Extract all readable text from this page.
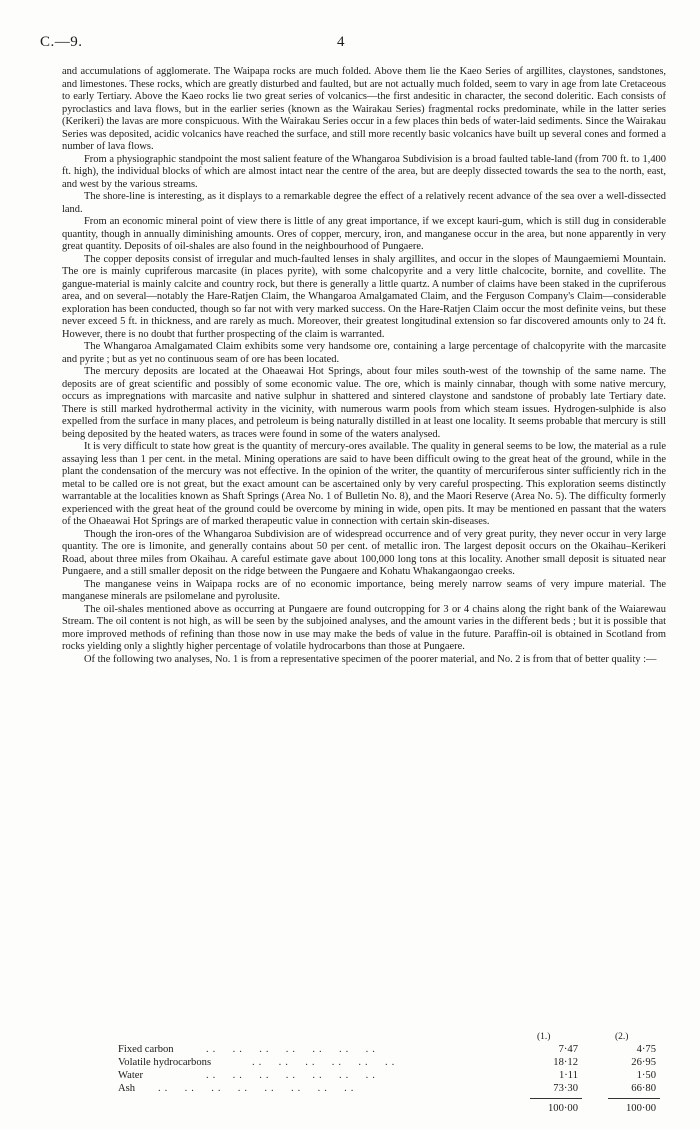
C.—9.	4

and accumulations of agglomerate. The Waipapa rocks are much folded. Above them lie the Kaeo Series of argillites, claystones, sandstones, and limestones. These rocks, which are greatly disturbed and faulted, but are not actually much folded, seem to vary in age from late Cretaceous to early Tertiary. Above the Kaeo rocks lie two great series of volcanics—the first andesitic in character, the second doleritic. Each consists of pyroclastics and lava flows, but in the earlier series (known as the Wairakau Series) fragmental rocks predominate, while in the latter series (Kerikeri) the lavas are more conspicuous. With the Wairakau Series occur in a few places thin beds of water-laid sediments. Since the Wairakau Series was deposited, acidic volcanics have reached the surface, and still more recently basic volcanics have built up several cones and formed a number of lava flows.

From a physiographic standpoint the most salient feature of the Whangaroa Subdivision is a broad faulted table-land (from 700 ft. to 1,400 ft. high), the individual blocks of which are almost intact near the centre of the area, but are deeply dissected towards the sea to the north, east, and west by the various streams.

The shore-line is interesting, as it displays to a remarkable degree the effect of a relatively recent advance of the sea over a well-dissected land.

From an economic mineral point of view there is little of any great importance, if we except kauri-gum, which is still dug in considerable quantity, though in annually diminishing amounts. Ores of copper, mercury, iron, and manganese occur in the area, but none apparently in very great quantity. Deposits of oil-shales are also found in the neighbourhood of Pungaere.

The copper deposits consist of irregular and much-faulted lenses in shaly argillites, and occur in the slopes of Maungaemiemi Mountain. The ore is mainly cupriferous marcasite (in places pyrite), with some chalcopyrite and a very little chalcocite, bornite, and covellite. The gangue-material is mainly calcite and country rock, but there is generally a little quartz. A number of claims have been staked in the cupriferous area, and on several—notably the Hare-Ratjen Claim, the Whangaroa Amalgamated Claim, and the Ferguson Company's Claim—considerable exploration has been conducted, though so far not with very marked success. On the Hare-Ratjen Claim occur the most definite veins, but these never exceed 5 ft. in thickness, and are rarely as much. Moreover, their greatest longitudinal extension so far discovered amounts only to 24 ft. However, there is no doubt that further prospecting of the claim is warranted.

The Whangaroa Amalgamated Claim exhibits some very handsome ore, containing a large percentage of chalcopyrite with the marcasite and pyrite ; but as yet no continuous seam of ore has been located.

The mercury deposits are located at the Ohaeawai Hot Springs, about four miles south-west of the township of the same name. The deposits are of great scientific and possibly of some economic value. The ore, which is mainly cinnabar, though with some native mercury, occurs as impregnations with marcasite and native sulphur in shattered and sintered claystone and sandstone of probably late Tertiary date. There is still marked hydrothermal activity in the vicinity, with numerous warm pools from which steam issues. Hydrogen-sulphide is also expelled from the surface in many places, and petroleum is being naturally distilled in at least one locality. It seems probable that mercury is still being deposited by the heated waters, as traces were found in some of the waters analysed.

It is very difficult to state how great is the quantity of mercury-ores available. The quality in general seems to be low, the material as a rule assaying less than 1 per cent. in the metal. Mining operations are said to have been difficult owing to the great heat of the ground, while in the plant the condensation of the mercury was not effective. In the opinion of the writer, the quantity of mercuriferous sinter sufficiently rich in the metal to be called ore is not great, but the exact amount can be ascertained only by very careful prospecting. This exploration seems distinctly warrantable at the localities known as Shaft Springs (Area No. 1 of Bulletin No. 8), and the Maori Reserve (Area No. 5). The difficulty formerly experienced with the great heat of the ground could be overcome by mining in wide, open pits. It may be mentioned en passant that the waters of the Ohaeawai Hot Springs are of marked therapeutic value in connection with certain skin-diseases.

Though the iron-ores of the Whangaroa Subdivision are of widespread occurrence and of very great purity, they never occur in very large quantity. The ore is limonite, and generally contains about 50 per cent. of metallic iron. The largest deposit occurs on the Okaihau–Kerikeri Road, about three miles from Okaihau. A careful estimate gave about 100,000 long tons at this locality. Another small deposit is situated near Pungaere, and a still smaller deposit on the ridge between the Pungaere and Kohatu Whakangaongao creeks.

The manganese veins in Waipapa rocks are of no economic importance, being merely narrow seams of very impure material. The manganese minerals are psilomelane and pyrolusite.

The oil-shales mentioned above as occurring at Pungaere are found outcropping for 3 or 4 chains along the right bank of the Waiarewau Stream. The oil content is not high, as will be seen by the subjoined analyses, and the amount varies in the different beds ; but it is possible that more improved methods of refining than those now in use may make the beds of value in the future. Paraffin-oil is obtained in Scotland from rocks yielding only a slightly higher percentage of volatile hydrocarbons than those at Pungaere.

Of the following two analyses, No. 1 is from a representative specimen of the poorer material, and No. 2 is from that of better quality :—

(1.)	(2.)
Fixed carbon	..  ..  ..  ..  ..  ..  ..	7·47	4·75
Volatile hydrocarbons	..  ..  ..  ..  ..  ..	18·12	26·95
Water	..  ..  ..  ..  ..  ..  ..	1·11	1·50
Ash ..  ..  ..  ..  ..  ..  ..  ..	73·30	66·80
100·00	100·00
